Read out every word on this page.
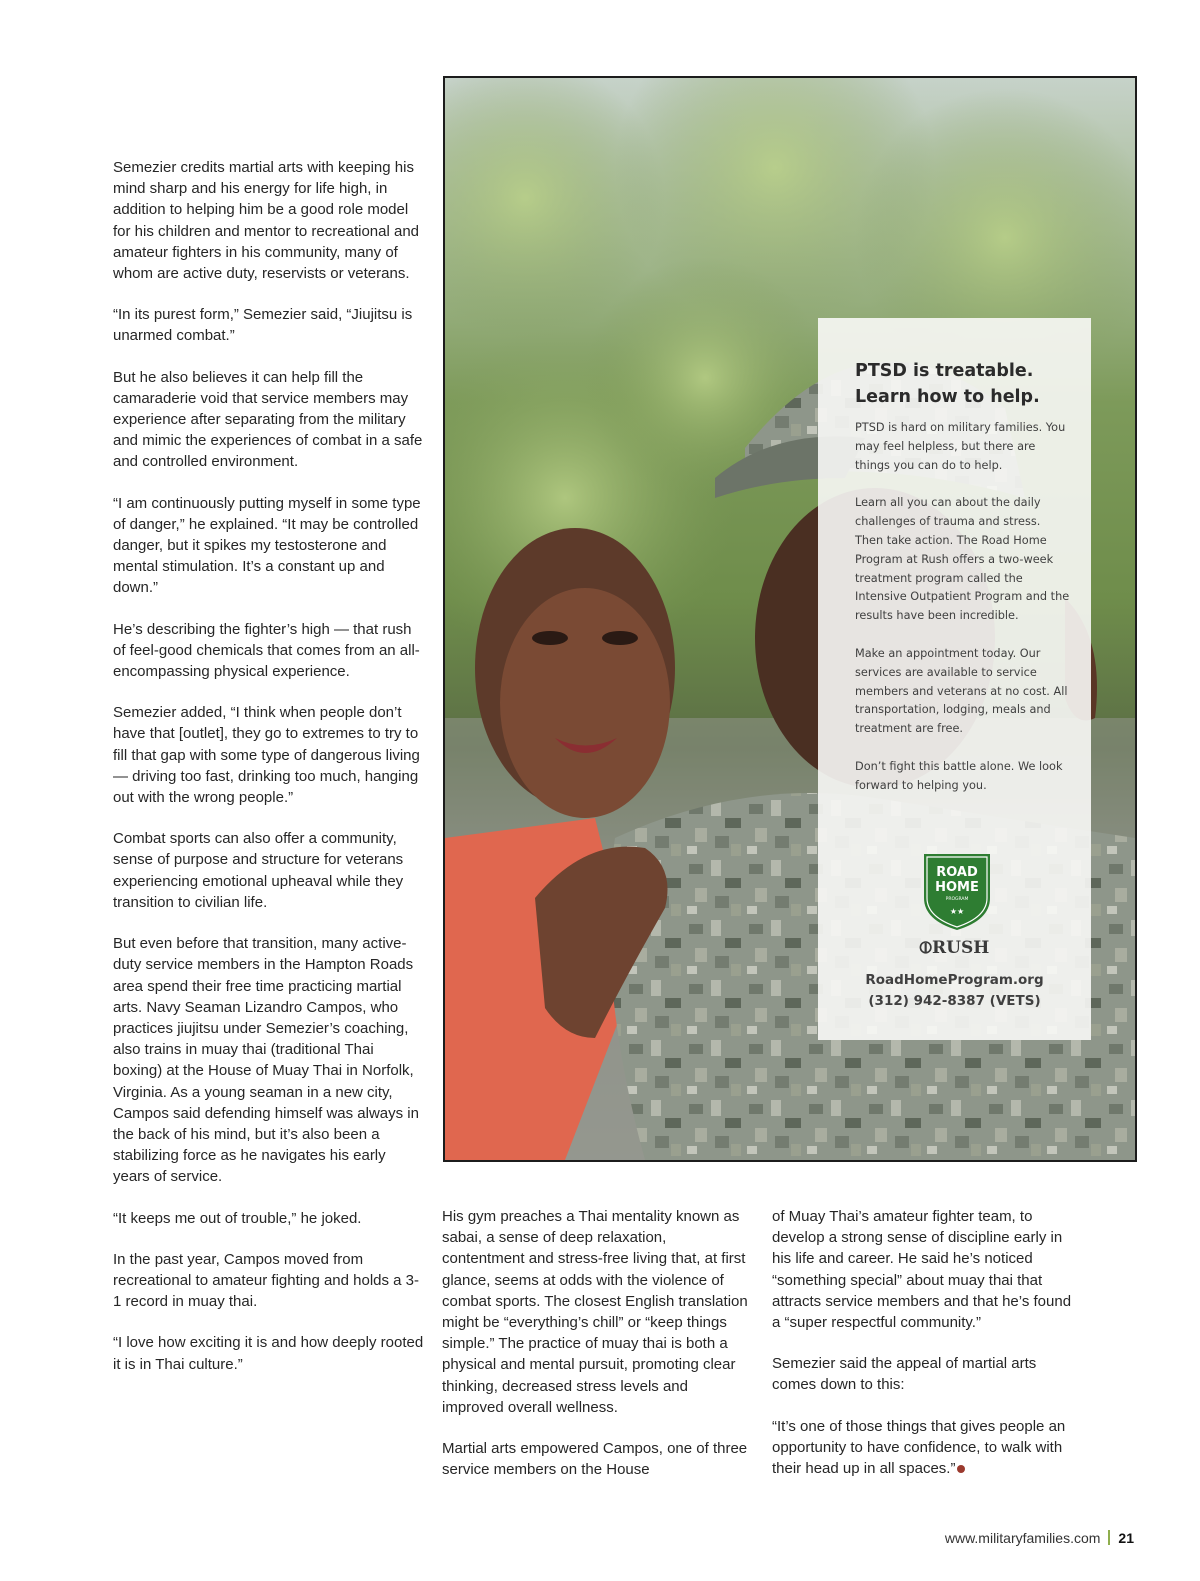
Semezier credits martial arts with keeping his mind sharp and his energy for life high, in addition to helping him be a good role model for his children and mentor to recreational and amateur fighters in his community, many of whom are active duty, reservists or veterans.

“In its purest form,” Semezier said, “Jiujitsu is unarmed combat.”

But he also believes it can help fill the camaraderie void that service members may experience after separating from the military and mimic the experiences of combat in a safe and controlled environment.

“I am continuously putting myself in some type of danger,” he explained. “It may be controlled danger, but it spikes my testosterone and mental stimulation. It’s a constant up and down.”

He’s describing the fighter’s high — that rush of feel-good chemicals that comes from an all-encompassing physical experience.

Semezier added, “I think when people don’t have that [outlet], they go to extremes to try to fill that gap with some type of dangerous living — driving too fast, drinking too much, hanging out with the wrong people.”

Combat sports can also offer a community, sense of purpose and structure for veterans experiencing emotional upheaval while they transition to civilian life.

But even before that transition, many active-duty service members in the Hampton Roads area spend their free time practicing martial arts. Navy Seaman Lizandro Campos, who practices jiujitsu under Semezier’s coaching, also trains in muay thai (traditional Thai boxing) at the House of Muay Thai in Norfolk, Virginia. As a young seaman in a new city, Campos said defending himself was always in the back of his mind, but it’s also been a stabilizing force as he navigates his early years of service.

“It keeps me out of trouble,” he joked.

In the past year, Campos moved from recreational to amateur fighting and holds a 3-1 record in muay thai.

“I love how exciting it is and how deeply rooted it is in Thai culture.”

PTSD is treatable.
Learn how to help.

PTSD is hard on military families. You may feel helpless, but there are things you can do to help.

Learn all you can about the daily challenges of trauma and stress. Then take action. The Road Home Program at Rush offers a two-week treatment program called the Intensive Outpatient Program and the results have been incredible.

Make an appointment today. Our services are available to service members and veterans at no cost. All transportation, lodging, meals and treatment are free.

Don’t fight this battle alone. We look forward to helping you.

ROAD
HOME
PROGRAM
★★
⦶RUSH
RoadHomeProgram.org
(312) 942-8387 (VETS)

His gym preaches a Thai mentality known as sabai, a sense of deep relaxation, contentment and stress-free living that, at first glance, seems at odds with the violence of combat sports. The closest English translation might be “everything’s chill” or “keep things simple.” The practice of muay thai is both a physical and mental pursuit, promoting clear thinking, decreased stress levels and improved overall wellness.

Martial arts empowered Campos, one of three service members on the House

of Muay Thai’s amateur fighter team, to develop a strong sense of discipline early in his life and career. He said he’s noticed “something special” about muay thai that attracts service members and that he’s found a “super respectful community.”

Semezier said the appeal of martial arts comes down to this:

“It’s one of those things that gives people an opportunity to have confidence, to walk with their head up in all spaces.”

www.militaryfamilies.com 21
